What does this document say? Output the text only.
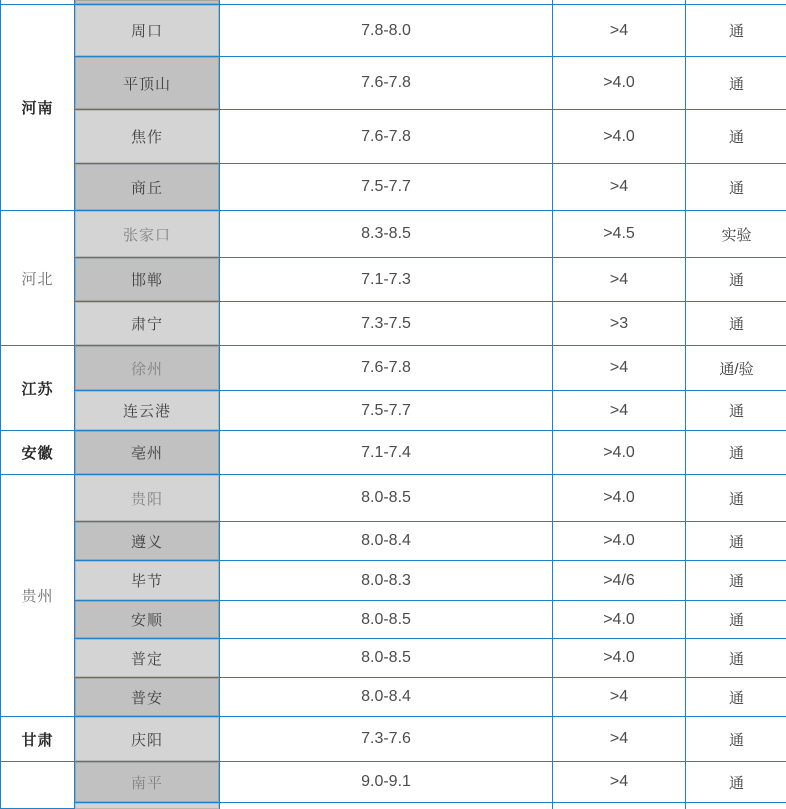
河南	周口	7.8-8.0	>4	通
	平顶山	7.6-7.8	>4.0	通
	焦作	7.6-7.8	>4.0	通
	商丘	7.5-7.7	>4	通
河北	张家口	8.3-8.5	>4.5	实验
	邯郸	7.1-7.3	>4	通
	肃宁	7.3-7.5	>3	通
江苏	徐州	7.6-7.8	>4	通/验
	连云港	7.5-7.7	>4	通
安徽	亳州	7.1-7.4	>4.0	通
贵州	贵阳	8.0-8.5	>4.0	通
	遵义	8.0-8.4	>4.0	通
	毕节	8.0-8.3	>4/6	通
	安顺	8.0-8.5	>4.0	通
	普定	8.0-8.5	>4.0	通
	普安	8.0-8.4	>4	通
甘肃	庆阳	7.3-7.6	>4	通
	南平	9.0-9.1	>4	通
